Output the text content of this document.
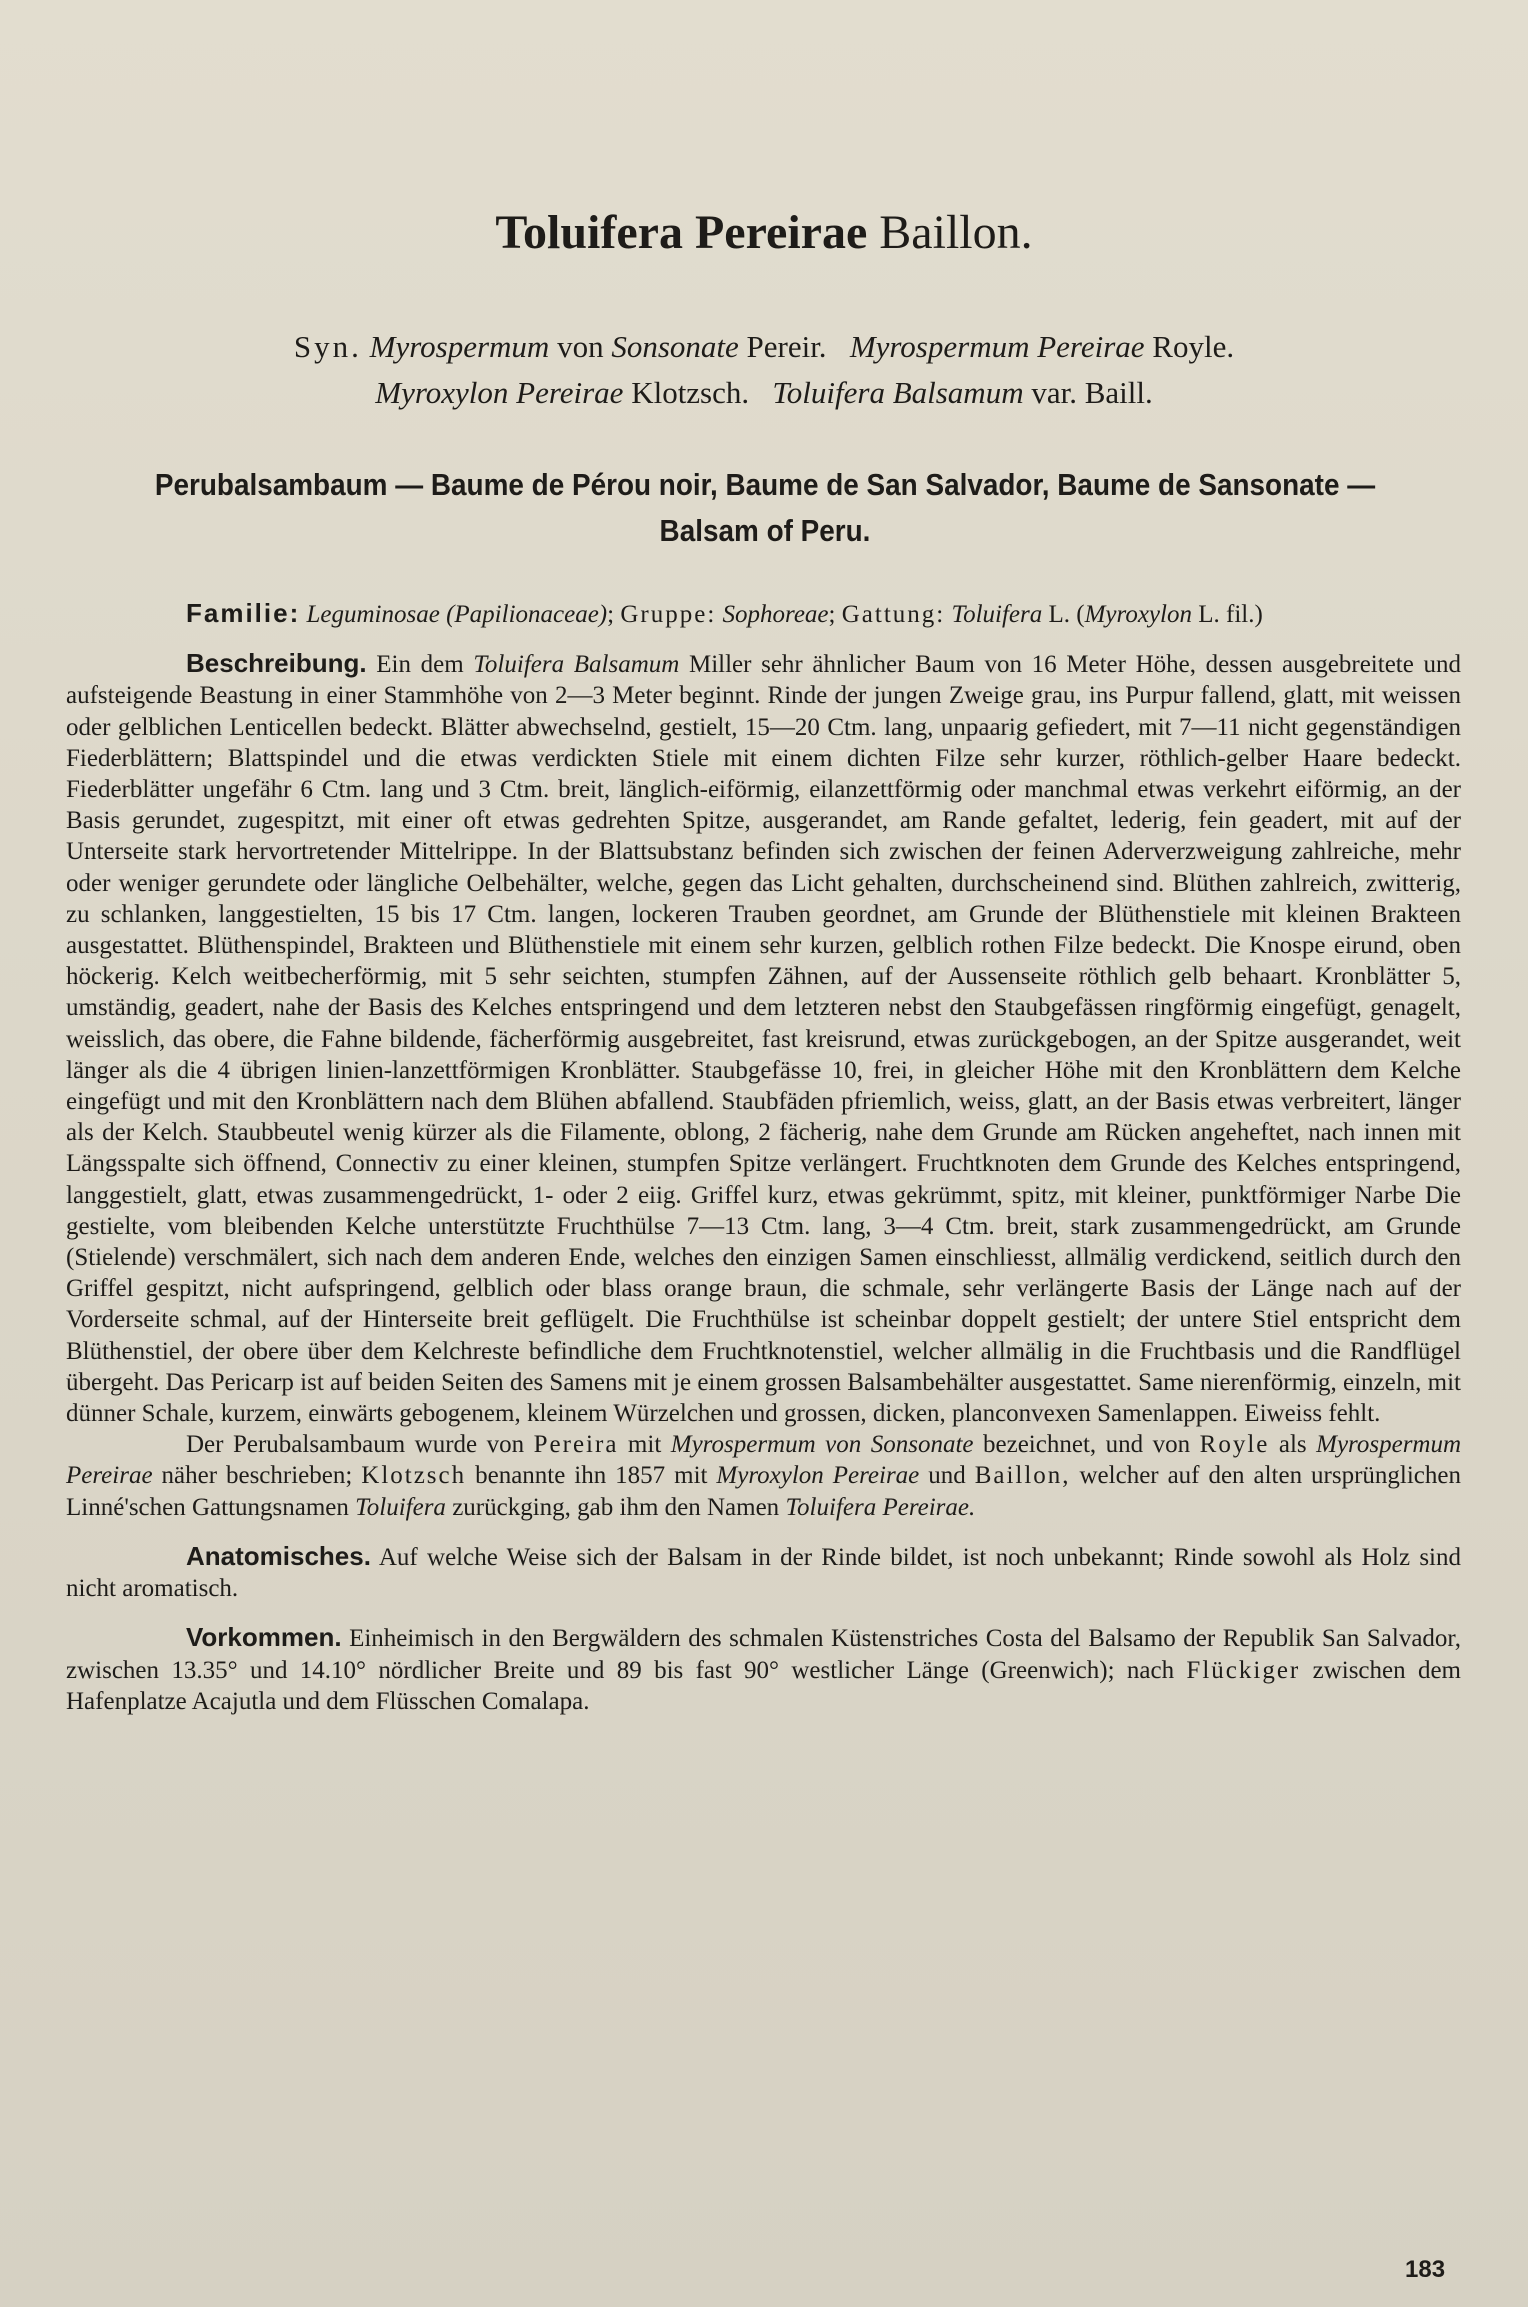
Toluifera Pereirae Baillon.
Syn. Myrospermum von Sonsonate Pereir. Myrospermum Pereirae Royle.
Myroxylon Pereirae Klotzsch. Toluifera Balsamum var. Baill.
Perubalsambaum — Baume de Pérou noir, Baume de San Salvador, Baume de Sansonate —
Balsam of Peru.

Familie: Leguminosae (Papilionaceae); Gruppe: Sophoreae; Gattung: Toluifera L. (Myroxylon L. fil.)

Beschreibung. Ein dem Toluifera Balsamum Miller sehr ähnlicher Baum von 16 Meter Höhe, dessen ausgebreitete und aufsteigende Beastung in einer Stammhöhe von 2—3 Meter beginnt. Rinde der jungen Zweige grau, ins Purpur fallend, glatt, mit weissen oder gelblichen Lenticellen bedeckt. Blätter abwechselnd, gestielt, 15—20 Ctm. lang, unpaarig gefiedert, mit 7—11 nicht gegenständigen Fiederblättern; Blattspindel und die etwas verdickten Stiele mit einem dichten Filze sehr kurzer, röthlich-gelber Haare bedeckt. Fiederblätter ungefähr 6 Ctm. lang und 3 Ctm. breit, länglich-eiförmig, eilanzettförmig oder manchmal etwas verkehrt eiförmig, an der Basis gerundet, zugespitzt, mit einer oft etwas gedrehten Spitze, ausgerandet, am Rande gefaltet, lederig, fein geadert, mit auf der Unterseite stark hervortretender Mittelrippe. In der Blattsubstanz befinden sich zwischen der feinen Aderverzweigung zahlreiche, mehr oder weniger gerundete oder längliche Oelbehälter, welche, gegen das Licht gehalten, durchscheinend sind. Blüthen zahlreich, zwitterig, zu schlanken, langgestielten, 15 bis 17 Ctm. langen, lockeren Trauben geordnet, am Grunde der Blüthenstiele mit kleinen Brakteen ausgestattet. Blüthenspindel, Brakteen und Blüthenstiele mit einem sehr kurzen, gelblich rothen Filze bedeckt. Die Knospe eirund, oben höckerig. Kelch weitbecherförmig, mit 5 sehr seichten, stumpfen Zähnen, auf der Aussenseite röthlich gelb behaart. Kronblätter 5, umständig, geadert, nahe der Basis des Kelches entspringend und dem letzteren nebst den Staubgefässen ringförmig eingefügt, genagelt, weisslich, das obere, die Fahne bildende, fächerförmig ausgebreitet, fast kreisrund, etwas zurückgebogen, an der Spitze ausgerandet, weit länger als die 4 übrigen linien-lanzettförmigen Kronblätter. Staubgefässe 10, frei, in gleicher Höhe mit den Kronblättern dem Kelche eingefügt und mit den Kronblättern nach dem Blühen abfallend. Staubfäden pfriemlich, weiss, glatt, an der Basis etwas verbreitert, länger als der Kelch. Staubbeutel wenig kürzer als die Filamente, oblong, 2 fächerig, nahe dem Grunde am Rücken angeheftet, nach innen mit Längsspalte sich öffnend, Connectiv zu einer kleinen, stumpfen Spitze verlängert. Fruchtknoten dem Grunde des Kelches entspringend, langgestielt, glatt, etwas zusammengedrückt, 1- oder 2 eiig. Griffel kurz, etwas gekrümmt, spitz, mit kleiner, punktförmiger Narbe Die gestielte, vom bleibenden Kelche unterstützte Fruchthülse 7—13 Ctm. lang, 3—4 Ctm. breit, stark zusammengedrückt, am Grunde (Stielende) verschmälert, sich nach dem anderen Ende, welches den einzigen Samen einschliesst, allmälig verdickend, seitlich durch den Griffel gespitzt, nicht aufspringend, gelblich oder blass orange braun, die schmale, sehr verlängerte Basis der Länge nach auf der Vorderseite schmal, auf der Hinterseite breit geflügelt. Die Fruchthülse ist scheinbar doppelt gestielt; der untere Stiel entspricht dem Blüthenstiel, der obere über dem Kelchreste befindliche dem Fruchtknotenstiel, welcher allmälig in die Fruchtbasis und die Randflügel übergeht. Das Pericarp ist auf beiden Seiten des Samens mit je einem grossen Balsambehälter ausgestattet. Same nierenförmig, einzeln, mit dünner Schale, kurzem, einwärts gebogenem, kleinem Würzelchen und grossen, dicken, planconvexen Samenlappen. Eiweiss fehlt.

Der Perubalsambaum wurde von Pereira mit Myrospermum von Sonsonate bezeichnet, und von Royle als Myrospermum Pereirae näher beschrieben; Klotzsch benannte ihn 1857 mit Myroxylon Pereirae und Baillon, welcher auf den alten ursprünglichen Linné'schen Gattungsnamen Toluifera zurückging, gab ihm den Namen Toluifera Pereirae.

Anatomisches. Auf welche Weise sich der Balsam in der Rinde bildet, ist noch unbekannt; Rinde sowohl als Holz sind nicht aromatisch.

Vorkommen. Einheimisch in den Bergwäldern des schmalen Küstenstriches Costa del Balsamo der Republik San Salvador, zwischen 13.35° und 14.10° nördlicher Breite und 89 bis fast 90° westlicher Länge (Greenwich); nach Flückiger zwischen dem Hafenplatze Acajutla und dem Flüsschen Comalapa.

183
